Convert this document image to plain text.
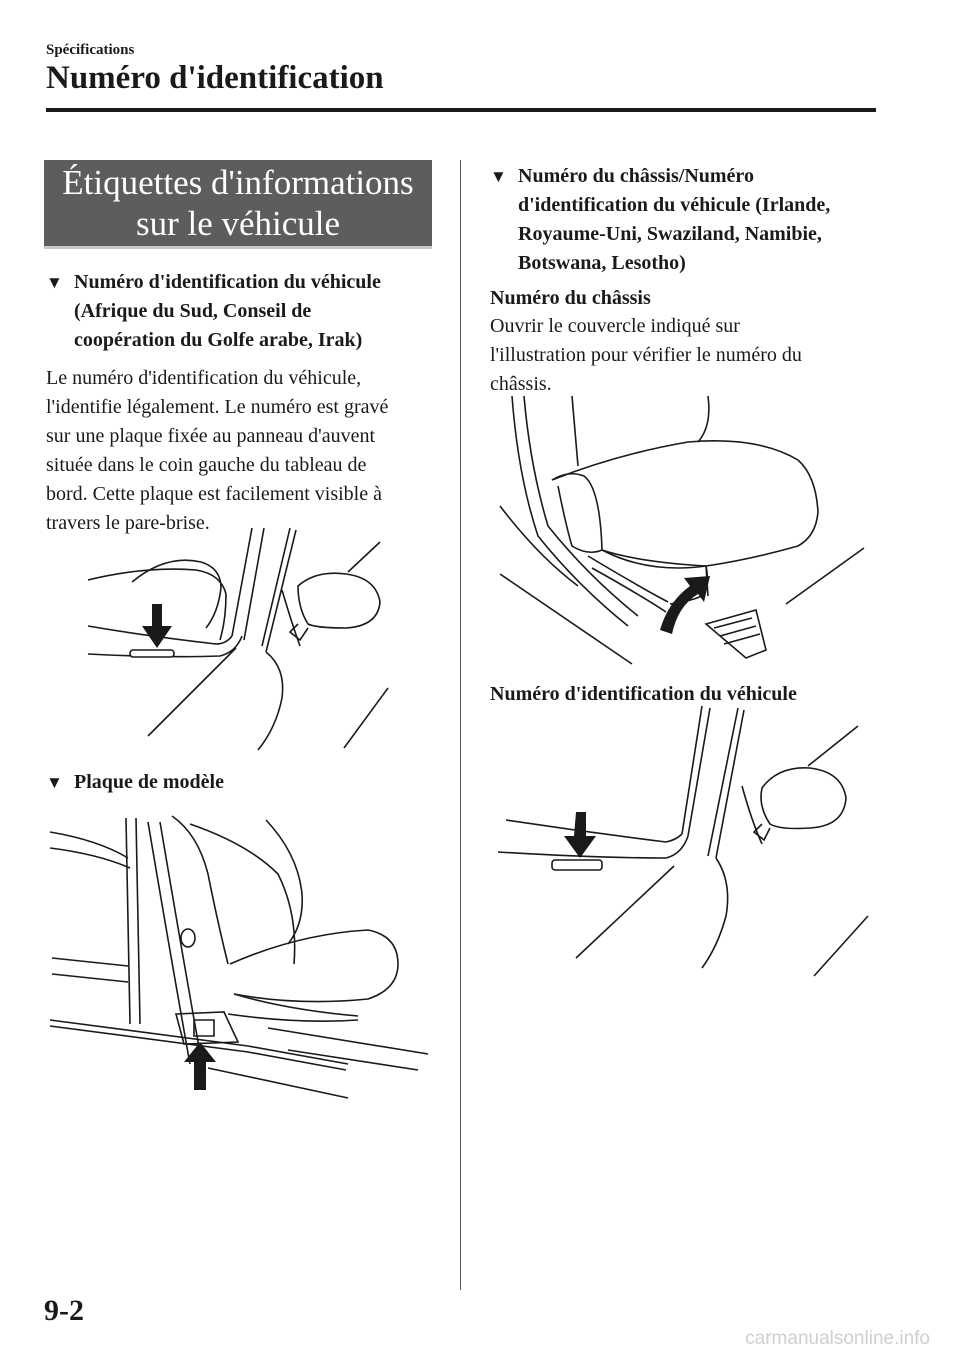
Spécifications
Numéro d'identification
Étiquettes d'informations
sur le véhicule
▼ Numéro d'identification du véhicule
(Afrique du Sud, Conseil de
coopération du Golfe arabe, Irak)
Le numéro d'identification du véhicule,
l'identifie légalement. Le numéro est gravé
sur une plaque fixée au panneau d'auvent
située dans le coin gauche du tableau de
bord. Cette plaque est facilement visible à
travers le pare-brise.
▼ Plaque de modèle
▼ Numéro du châssis/Numéro
d'identification du véhicule (Irlande,
Royaume-Uni, Swaziland, Namibie,
Botswana, Lesotho)
Numéro du châssis
Ouvrir le couvercle indiqué sur
l'illustration pour vérifier le numéro du
châssis.
Numéro d'identification du véhicule
9-2
carmanualsonline.info
